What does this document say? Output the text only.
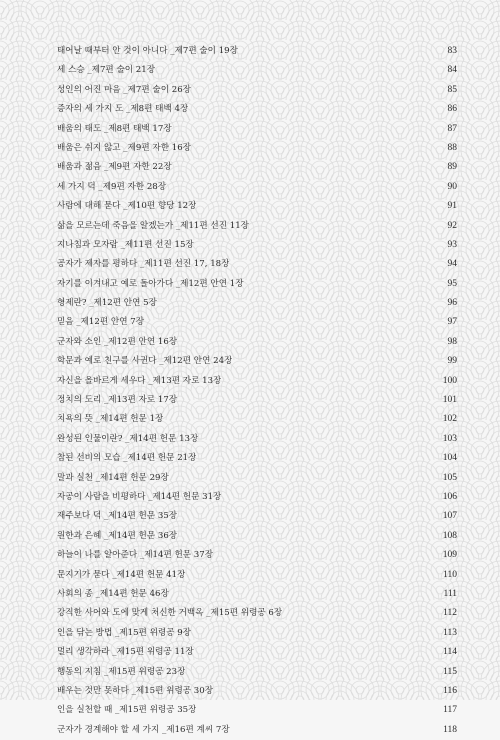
태어날 때부터 안 것이 아니다 _제7편 술이 19장	83
세 스승 _제7편 술이 21장	84
성인의 어진 마음 _제7편 술이 26장	85
증자의 세 가지 도 _제8편 태백 4장	86
배움의 태도 _제8편 태백 17장	87
배움은 쉬지 않고 _제9편 자한 16장	88
배움과 젊음 _제9편 자한 22장	89
세 가지 덕 _제9편 자한 28장	90
사람에 대해 묻다 _제10편 향당 12장	91
삶을 모르는데 죽음을 알겠는가 _제11편 선진 11장	92
지나침과 모자람 _제11편 선진 15장	93
공자가 제자를 평하다 _제11편 선진 17, 18장	94
자기를 이겨내고 예로 돌아가다 _제12편 안연 1장	95
형제란? _제12편 안연 5장	96
믿음 _제12편 안연 7장	97
군자와 소인 _제12편 안연 16장	98
학문과 예로 친구를 사귄다 _제12편 안연 24장	99
자신을 올바르게 세우다 _제13편 자로 13장	100
정치의 도리 _제13편 자로 17장	101
치욕의 뜻 _제14편 헌문 1장	102
완성된 인물이란? _제14편 헌문 13장	103
참된 선비의 모습 _제14편 헌문 21장	104
말과 실천 _제14편 헌문 29장	105
자공이 사람을 비평하다 _제14편 헌문 31장	106
재주보다 덕 _제14편 헌문 35장	107
원한과 은혜 _제14편 헌문 36장	108
하늘이 나를 알아준다 _제14편 헌문 37장	109
문지기가 묻다 _제14편 헌문 41장	110
사회의 종 _제14편 헌문 46장	111
강직한 사어와 도에 맞게 처신한 거백옥 _제15편 위령공 6장	112
인을 닦는 방법 _제15편 위령공 9장	113
멀리 생각하라 _제15편 위령공 11장	114
행동의 지침 _제15편 위령공 23장	115
배우는 것만 못하다 _제15편 위령공 30장	116
인을 실천할 때 _제15편 위령공 35장	117
군자가 경계해야 할 세 가지 _제16편 계씨 7장	118
